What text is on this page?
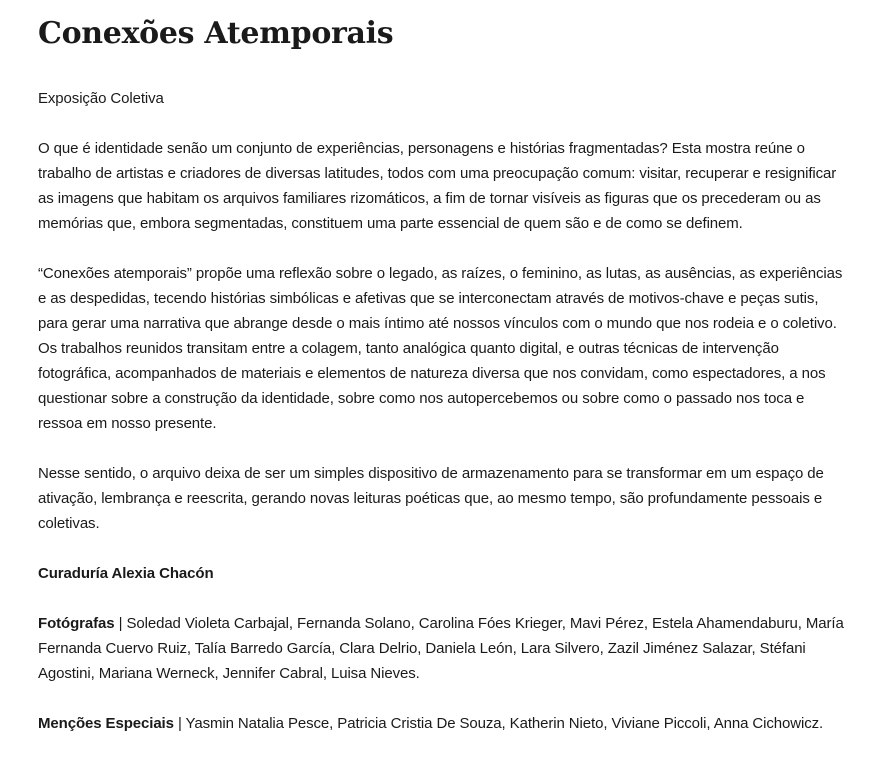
Conexões Atemporais

Exposição Coletiva

O que é identidade senão um conjunto de experiências, personagens e histórias fragmentadas? Esta mostra reúne o trabalho de artistas e criadores de diversas latitudes, todos com uma preocupação comum: visitar, recuperar e resignificar as imagens que habitam os arquivos familiares rizomáticos, a fim de tornar visíveis as figuras que os precederam ou as memórias que, embora segmentadas, constituem uma parte essencial de quem são e de como se definem.

“Conexões atemporais” propõe uma reflexão sobre o legado, as raízes, o feminino, as lutas, as ausências, as experiências e as despedidas, tecendo histórias simbólicas e afetivas que se interconectam através de motivos-chave e peças sutis, para gerar uma narrativa que abrange desde o mais íntimo até nossos vínculos com o mundo que nos rodeia e o coletivo. Os trabalhos reunidos transitam entre a colagem, tanto analógica quanto digital, e outras técnicas de intervenção fotográfica, acompanhados de materiais e elementos de natureza diversa que nos convidam, como espectadores, a nos questionar sobre a construção da identidade, sobre como nos autopercebemos ou sobre como o passado nos toca e ressoa em nosso presente.

Nesse sentido, o arquivo deixa de ser um simples dispositivo de armazenamento para se transformar em um espaço de ativação, lembrança e reescrita, gerando novas leituras poéticas que, ao mesmo tempo, são profundamente pessoais e coletivas.

Curaduría Alexia Chacón

Fotógrafas | Soledad Violeta Carbajal, Fernanda Solano, Carolina Fóes Krieger, Mavi Pérez, Estela Ahamendaburu, María Fernanda Cuervo Ruiz, Talía Barredo García, Clara Delrio, Daniela León, Lara Silvero, Zazil Jiménez Salazar, Stéfani Agostini, Mariana Werneck, Jennifer Cabral, Luisa Nieves.

Menções Especiais | Yasmin Natalia Pesce, Patricia Cristia De Souza, Katherin Nieto, Viviane Piccoli, Anna Cichowicz.
